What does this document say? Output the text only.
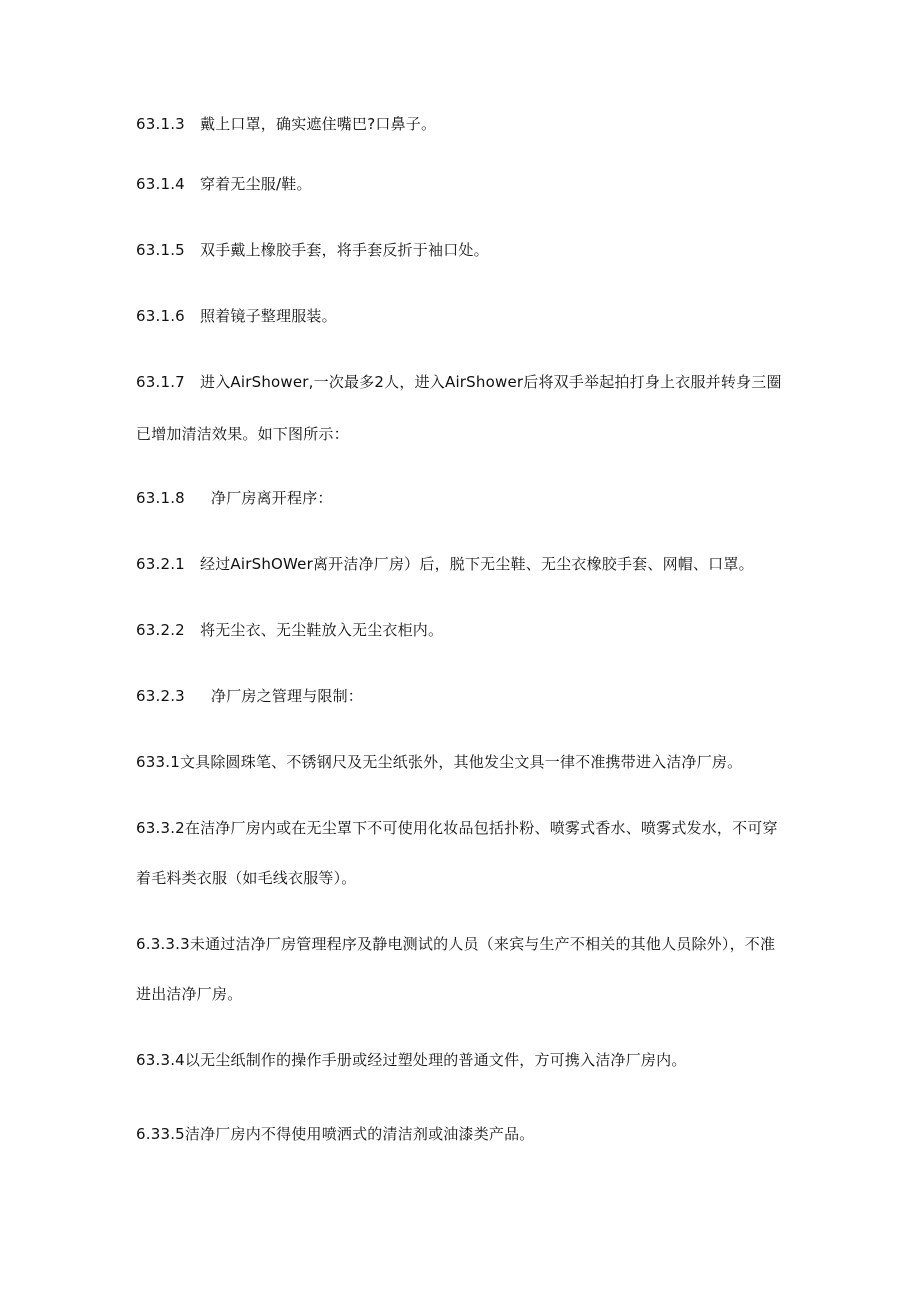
63.1.3 戴上口罩，确实遮住嘴巴?口鼻子。
63.1.4 穿着无尘服/鞋。
63.1.5 双手戴上橡胶手套，将手套反折于袖口处。
63.1.6 照着镜子整理服装。
63.1.7 进入AirShower,一次最多2人，进入AirShower后将双手举起拍打身上衣服并转身三圈
已增加清洁效果。如下图所示：
63.1.8 净厂房离开程序：
63.2.1 经过AirShOWer离开洁净厂房）后，脱下无尘鞋、无尘衣橡胶手套、网帽、口罩。
63.2.2 将无尘衣、无尘鞋放入无尘衣柜内。
63.2.3 净厂房之管理与限制：
633.1文具除圆珠笔、不锈钢尺及无尘纸张外，其他发尘文具一律不准携带进入洁净厂房。
63.3.2在洁净厂房内或在无尘罩下不可使用化妆品包括扑粉、喷雾式香水、喷雾式发水，不可穿
着毛料类衣服（如毛线衣服等）。
6.3.3.3未通过洁净厂房管理程序及静电测试的人员（来宾与生产不相关的其他人员除外），不准
进出洁净厂房。
63.3.4以无尘纸制作的操作手册或经过塑处理的普通文件，方可携入洁净厂房内。
6.33.5洁净厂房内不得使用喷洒式的清洁剂或油漆类产品。
